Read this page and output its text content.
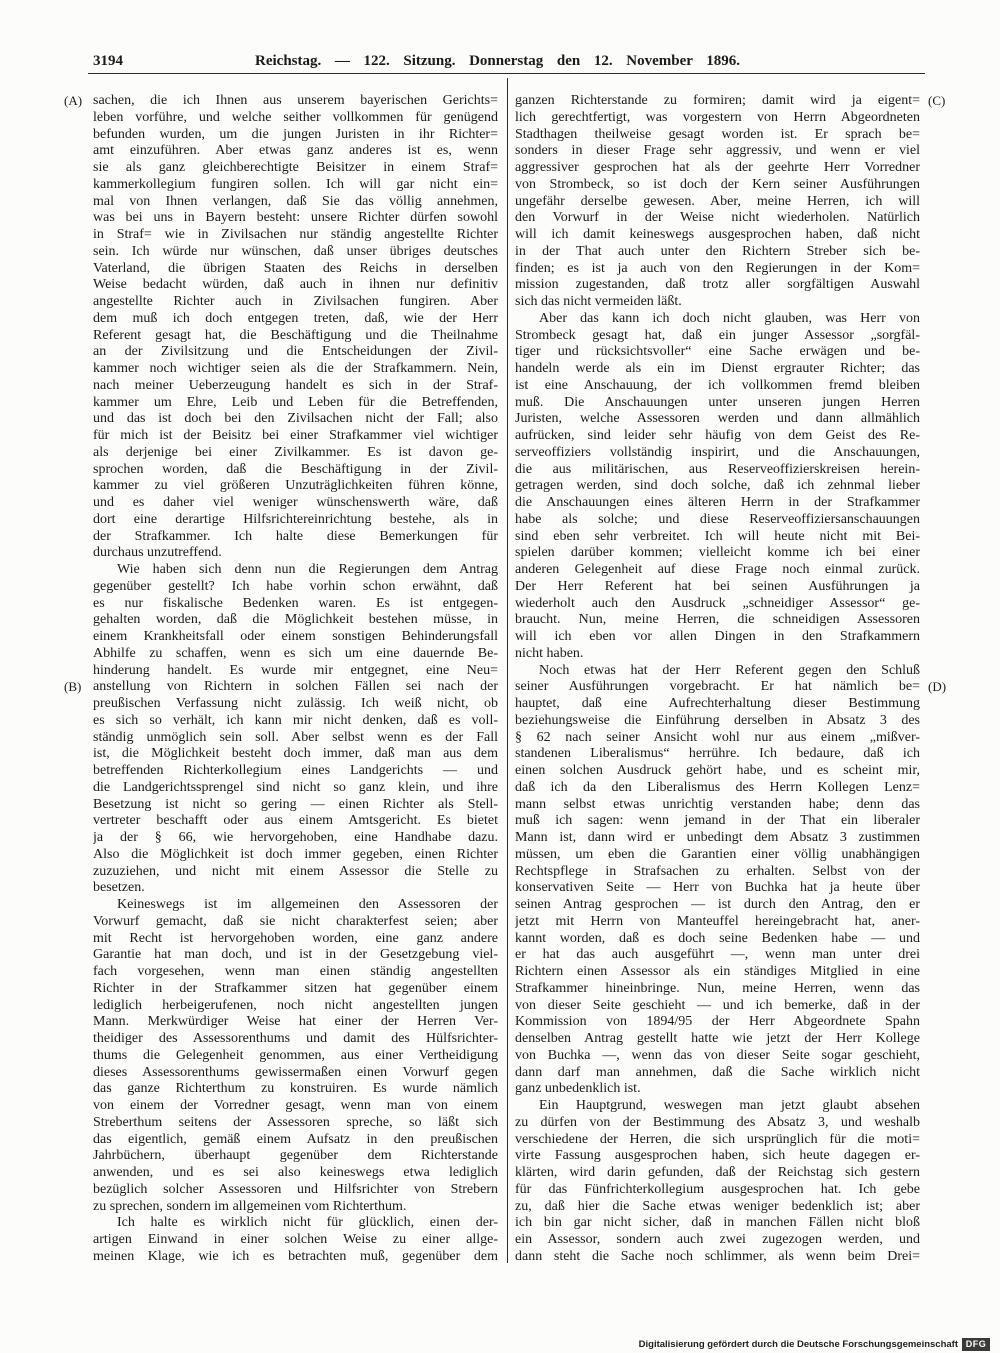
3194	Reichstag. — 122. Sitzung. Donnerstag den 12. November 1896.
(A)
(B)
(C)
(D)
sachen, die ich Ihnen aus unserem bayerischen Gerichts=
leben vorführe, und welche seither vollkommen für genügend
befunden wurden, um die jungen Juristen in ihr Richter=
amt einzuführen. Aber etwas ganz anderes ist es, wenn
sie als ganz gleichberechtigte Beisitzer in einem Straf=
kammerkollegium fungiren sollen. Ich will gar nicht ein=
mal von Ihnen verlangen, daß Sie das völlig annehmen,
was bei uns in Bayern besteht: unsere Richter dürfen sowohl
in Straf= wie in Zivilsachen nur ständig angestellte Richter
sein. Ich würde nur wünschen, daß unser übriges deutsches
Vaterland, die übrigen Staaten des Reichs in derselben
Weise bedacht würden, daß auch in ihnen nur definitiv
angestellte Richter auch in Zivilsachen fungiren. Aber
dem muß ich doch entgegen treten, daß, wie der Herr
Referent gesagt hat, die Beschäftigung und die Theilnahme
an der Zivilsitzung und die Entscheidungen der Zivil-
kammer noch wichtiger seien als die der Strafkammern. Nein,
nach meiner Ueberzeugung handelt es sich in der Straf-
kammer um Ehre, Leib und Leben für die Betreffenden,
und das ist doch bei den Zivilsachen nicht der Fall; also
für mich ist der Beisitz bei einer Strafkammer viel wichtiger
als derjenige bei einer Zivilkammer. Es ist davon ge-
sprochen worden, daß die Beschäftigung in der Zivil-
kammer zu viel größeren Unzuträglichkeiten führen könne,
und es daher viel weniger wünschenswerth wäre, daß
dort eine derartige Hilfsrichtereinrichtung bestehe, als in
der Strafkammer. Ich halte diese Bemerkungen für
durchaus unzutreffend.
Wie haben sich denn nun die Regierungen dem Antrag
gegenüber gestellt? Ich habe vorhin schon erwähnt, daß
es nur fiskalische Bedenken waren. Es ist entgegen-
gehalten worden, daß die Möglichkeit bestehen müsse, in
einem Krankheitsfall oder einem sonstigen Behinderungsfall
Abhilfe zu schaffen, wenn es sich um eine dauernde Be-
hinderung handelt. Es wurde mir entgegnet, eine Neu=
anstellung von Richtern in solchen Fällen sei nach der
preußischen Verfassung nicht zulässig. Ich weiß nicht, ob
es sich so verhält, ich kann mir nicht denken, daß es voll-
ständig unmöglich sein soll. Aber selbst wenn es der Fall
ist, die Möglichkeit besteht doch immer, daß man aus dem
betreffenden Richterkollegium eines Landgerichts — und
die Landgerichtssprengel sind nicht so ganz klein, und ihre
Besetzung ist nicht so gering — einen Richter als Stell-
vertreter beschafft oder aus einem Amtsgericht. Es bietet
ja der § 66, wie hervorgehoben, eine Handhabe dazu.
Also die Möglichkeit ist doch immer gegeben, einen Richter
zuzuziehen, und nicht mit einem Assessor die Stelle zu
besetzen.
Keineswegs ist im allgemeinen den Assessoren der
Vorwurf gemacht, daß sie nicht charakterfest seien; aber
mit Recht ist hervorgehoben worden, eine ganz andere
Garantie hat man doch, und ist in der Gesetzgebung viel-
fach vorgesehen, wenn man einen ständig angestellten
Richter in der Strafkammer sitzen hat gegenüber einem
lediglich herbeigerufenen, noch nicht angestellten jungen
Mann. Merkwürdiger Weise hat einer der Herren Ver-
theidiger des Assessorenthums und damit des Hülfsrichter-
thums die Gelegenheit genommen, aus einer Vertheidigung
dieses Assessorenthums gewissermaßen einen Vorwurf gegen
das ganze Richterthum zu konstruiren. Es wurde nämlich
von einem der Vorredner gesagt, wenn man von einem
Streberthum seitens der Assessoren spreche, so läßt sich
das eigentlich, gemäß einem Aufsatz in den preußischen
Jahrbüchern, überhaupt gegenüber dem Richterstande
anwenden, und es sei also keineswegs etwa lediglich
bezüglich solcher Assessoren und Hilfsrichter von Strebern
zu sprechen, sondern im allgemeinen vom Richterthum.
Ich halte es wirklich nicht für glücklich, einen der-
artigen Einwand in einer solchen Weise zu einer allge-
meinen Klage, wie ich es betrachten muß, gegenüber dem
ganzen Richterstande zu formiren; damit wird ja eigent=
lich gerechtfertigt, was vorgestern von Herrn Abgeordneten
Stadthagen theilweise gesagt worden ist. Er sprach be=
sonders in dieser Frage sehr aggressiv, und wenn er viel
aggressiver gesprochen hat als der geehrte Herr Vorredner
von Strombeck, so ist doch der Kern seiner Ausführungen
ungefähr derselbe gewesen. Aber, meine Herren, ich will
den Vorwurf in der Weise nicht wiederholen. Natürlich
will ich damit keineswegs ausgesprochen haben, daß nicht
in der That auch unter den Richtern Streber sich be-
finden; es ist ja auch von den Regierungen in der Kom=
mission zugestanden, daß trotz aller sorgfältigen Auswahl
sich das nicht vermeiden läßt.
Aber das kann ich doch nicht glauben, was Herr von
Strombeck gesagt hat, daß ein junger Assessor „sorgfäl-
tiger und rücksichtsvoller“ eine Sache erwägen und be-
handeln werde als ein im Dienst ergrauter Richter; das
ist eine Anschauung, der ich vollkommen fremd bleiben
muß. Die Anschauungen unter unseren jungen Herren
Juristen, welche Assessoren werden und dann allmählich
aufrücken, sind leider sehr häufig von dem Geist des Re-
serveoffiziers vollständig inspirirt, und die Anschauungen,
die aus militärischen, aus Reserveoffizierskreisen herein-
getragen werden, sind doch solche, daß ich zehnmal lieber
die Anschauungen eines älteren Herrn in der Strafkammer
habe als solche; und diese Reserveoffiziersanschauungen
sind eben sehr verbreitet. Ich will heute nicht mit Bei-
spielen darüber kommen; vielleicht komme ich bei einer
anderen Gelegenheit auf diese Frage noch einmal zurück.
Der Herr Referent hat bei seinen Ausführungen ja
wiederholt auch den Ausdruck „schneidiger Assessor“ ge-
braucht. Nun, meine Herren, die schneidigen Assessoren
will ich eben vor allen Dingen in den Strafkammern
nicht haben.
Noch etwas hat der Herr Referent gegen den Schluß
seiner Ausführungen vorgebracht. Er hat nämlich be=
hauptet, daß eine Aufrechterhaltung dieser Bestimmung
beziehungsweise die Einführung derselben in Absatz 3 des
§ 62 nach seiner Ansicht wohl nur aus einem „mißver-
standenen Liberalismus“ herrühre. Ich bedaure, daß ich
einen solchen Ausdruck gehört habe, und es scheint mir,
daß ich da den Liberalismus des Herrn Kollegen Lenz=
mann selbst etwas unrichtig verstanden habe; denn das
muß ich sagen: wenn jemand in der That ein liberaler
Mann ist, dann wird er unbedingt dem Absatz 3 zustimmen
müssen, um eben die Garantien einer völlig unabhängigen
Rechtspflege in Strafsachen zu erhalten. Selbst von der
konservativen Seite — Herr von Buchka hat ja heute über
seinen Antrag gesprochen — ist durch den Antrag, den er
jetzt mit Herrn von Manteuffel hereingebracht hat, aner-
kannt worden, daß es doch seine Bedenken habe — und
er hat das auch ausgeführt —, wenn man unter drei
Richtern einen Assessor als ein ständiges Mitglied in eine
Strafkammer hineinbringe. Nun, meine Herren, wenn das
von dieser Seite geschieht — und ich bemerke, daß in der
Kommission von 1894/95 der Herr Abgeordnete Spahn
denselben Antrag gestellt hatte wie jetzt der Herr Kollege
von Buchka —, wenn das von dieser Seite sogar geschieht,
dann darf man annehmen, daß die Sache wirklich nicht
ganz unbedenklich ist.
Ein Hauptgrund, weswegen man jetzt glaubt absehen
zu dürfen von der Bestimmung des Absatz 3, und weshalb
verschiedene der Herren, die sich ursprünglich für die moti=
virte Fassung ausgesprochen haben, sich heute dagegen er-
klärten, wird darin gefunden, daß der Reichstag sich gestern
für das Fünfrichterkollegium ausgesprochen hat. Ich gebe
zu, daß hier die Sache etwas weniger bedenklich ist; aber
ich bin gar nicht sicher, daß in manchen Fällen nicht bloß
ein Assessor, sondern auch zwei zugezogen werden, und
dann steht die Sache noch schlimmer, als wenn beim Drei=
Digitalisierung gefördert durch die Deutsche Forschungsgemeinschaft DFG
